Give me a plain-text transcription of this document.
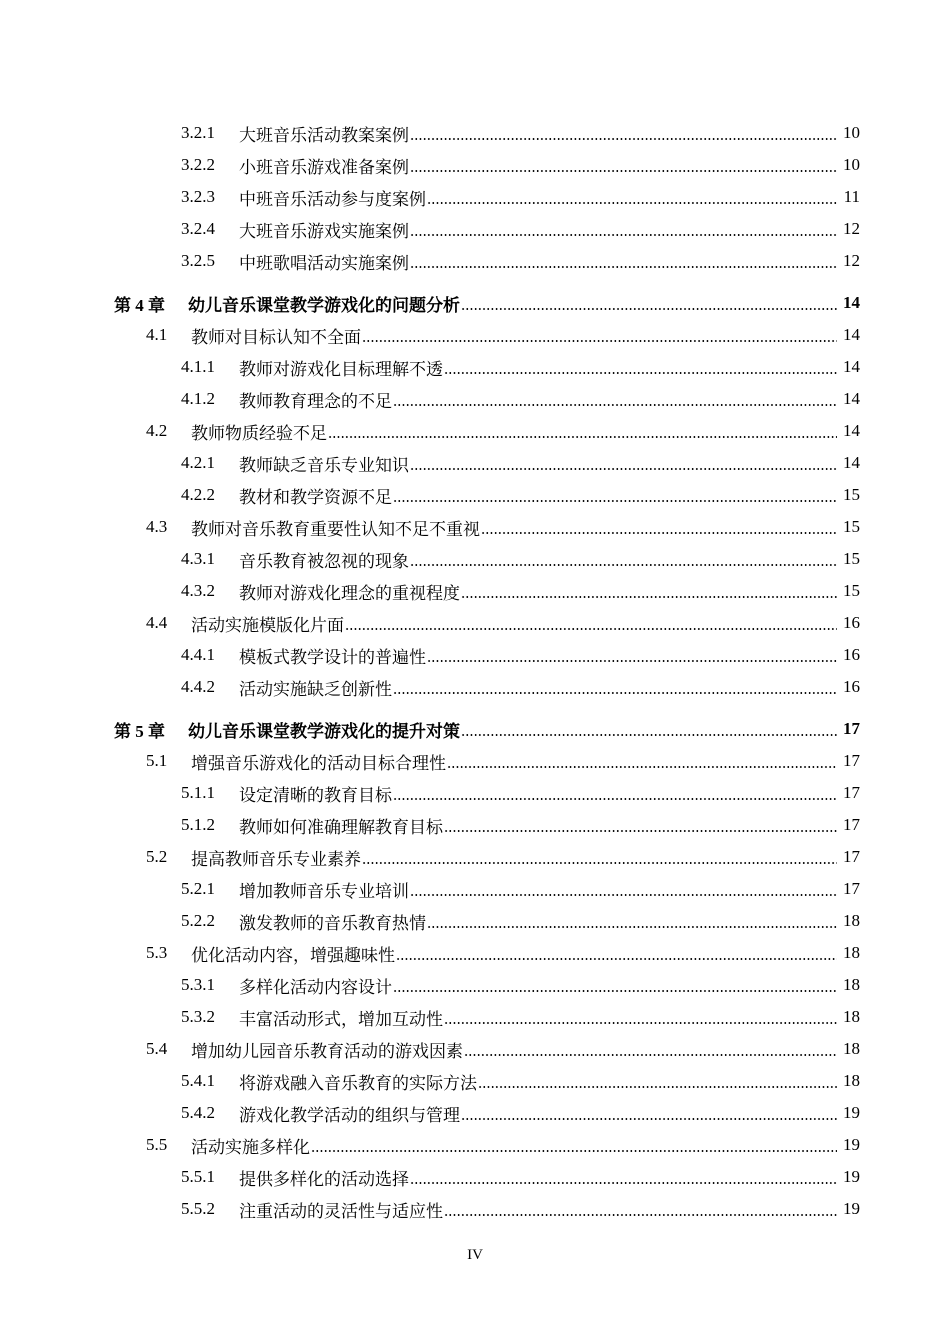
3.2.1	大班音乐活动教案案例	10
3.2.2	小班音乐游戏准备案例	10
3.2.3	中班音乐活动参与度案例	11
3.2.4	大班音乐游戏实施案例	12
3.2.5	中班歌唱活动实施案例	12
第 4 章	幼儿音乐课堂教学游戏化的问题分析	14
4.1	教师对目标认知不全面	14
4.1.1	教师对游戏化目标理解不透	14
4.1.2	教师教育理念的不足	14
4.2	教师物质经验不足	14
4.2.1	教师缺乏音乐专业知识	14
4.2.2	教材和教学资源不足	15
4.3	教师对音乐教育重要性认知不足不重视	15
4.3.1	音乐教育被忽视的现象	15
4.3.2	教师对游戏化理念的重视程度	15
4.4	活动实施模版化片面	16
4.4.1	模板式教学设计的普遍性	16
4.4.2	活动实施缺乏创新性	16
第 5 章	幼儿音乐课堂教学游戏化的提升对策	17
5.1	增强音乐游戏化的活动目标合理性	17
5.1.1	设定清晰的教育目标	17
5.1.2	教师如何准确理解教育目标	17
5.2	提高教师音乐专业素养	17
5.2.1	增加教师音乐专业培训	17
5.2.2	激发教师的音乐教育热情	18
5.3	优化活动内容，增强趣味性	18
5.3.1	多样化活动内容设计	18
5.3.2	丰富活动形式，增加互动性	18
5.4	增加幼儿园音乐教育活动的游戏因素	18
5.4.1	将游戏融入音乐教育的实际方法	18
5.4.2	游戏化教学活动的组织与管理	19
5.5	活动实施多样化	19
5.5.1	提供多样化的活动选择	19
5.5.2	注重活动的灵活性与适应性	19
IV
